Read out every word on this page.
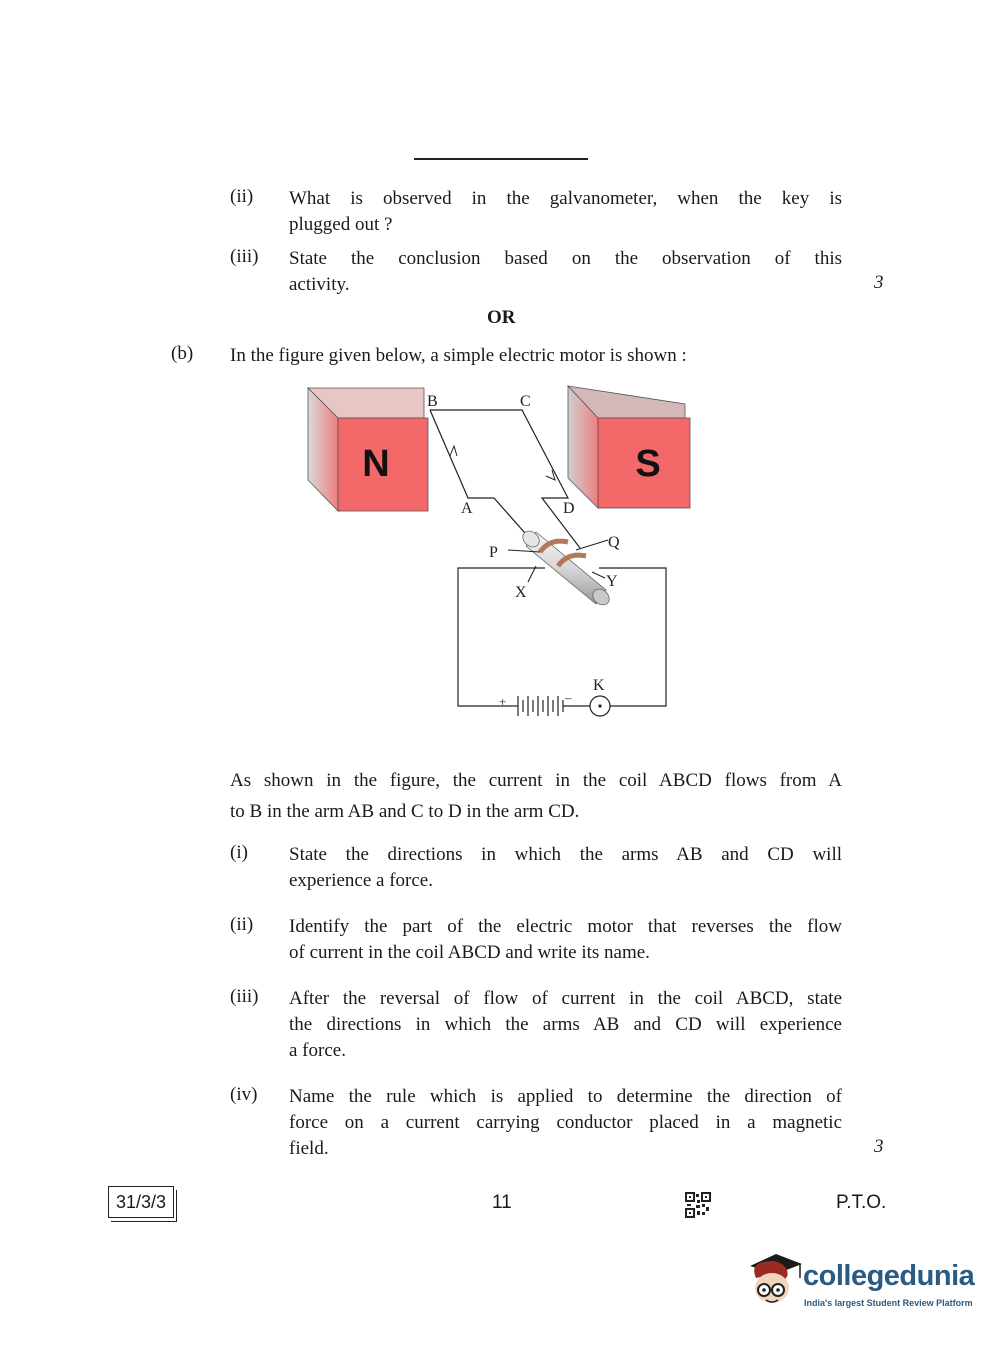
(ii) What is observed in the galvanometer, when the key is
plugged out ?
(iii) State the conclusion based on the observation of this
activity.	3
OR
(b) In the figure given below, a simple electric motor is shown :
N	S
B	C
A	D
P
Q
X
Y
K
+	–
As shown in the figure, the current in the coil ABCD flows from A
to B in the arm AB and C to D in the arm CD.
(i) State the directions in which the arms AB and CD will
experience a force.
(ii) Identify the part of the electric motor that reverses the flow
of current in the coil ABCD and write its name.
(iii) After the reversal of flow of current in the coil ABCD, state
the directions in which the arms AB and CD will experience
a force.
(iv) Name the rule which is applied to determine the direction of
force on a current carrying conductor placed in a magnetic
field.	3
31/3/3	11	P.T.O.
collegedunia
India's largest Student Review Platform
